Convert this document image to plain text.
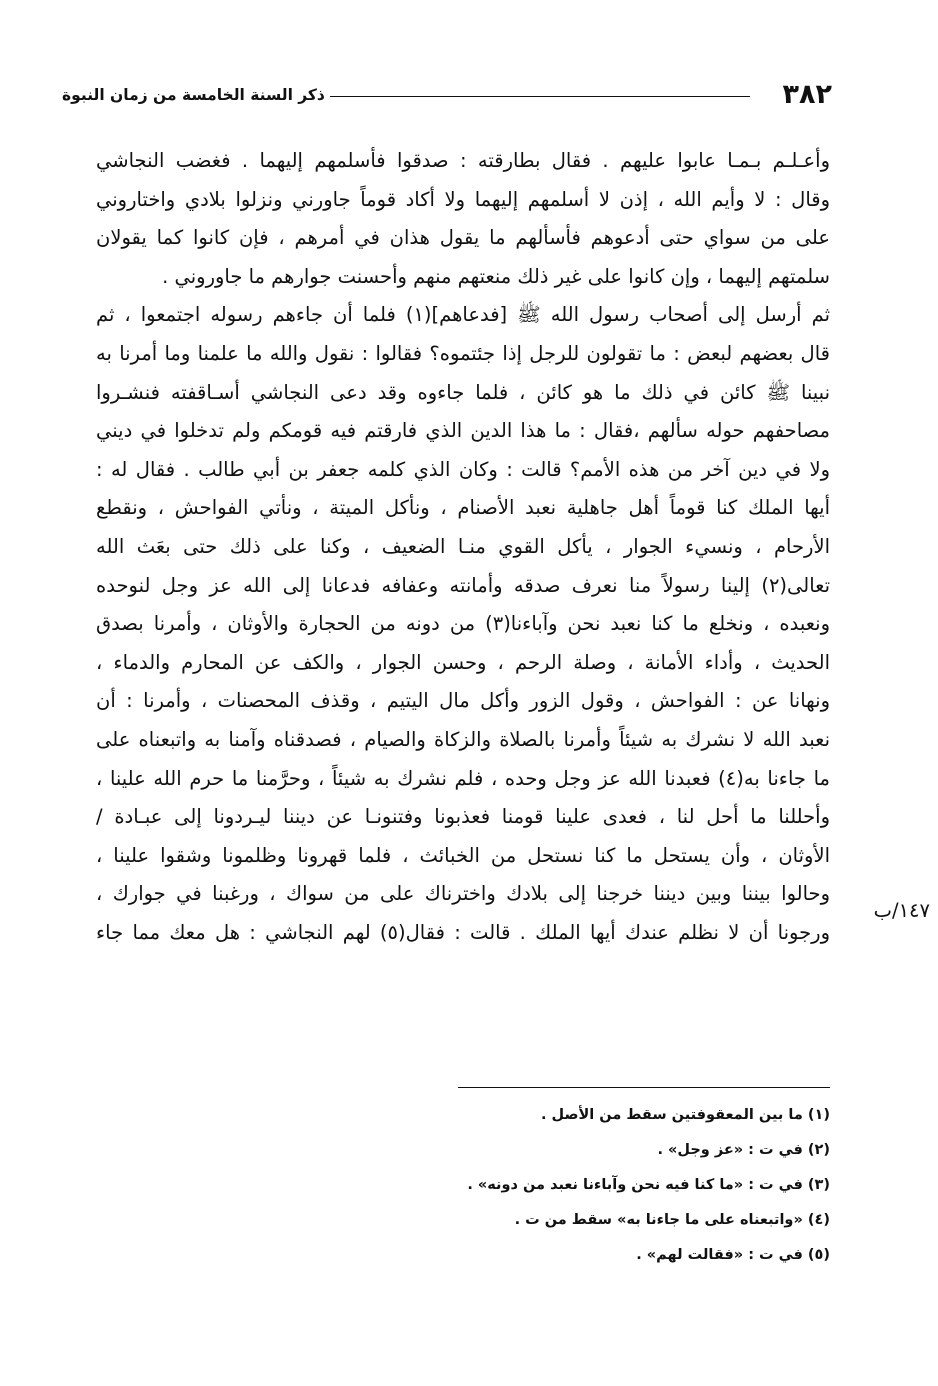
٣٨٢
ذكر السنة الخامسة من زمان النبوة
وأعـلـم بـمـا عابوا عليهم . فقال بطارقته : صدقوا فأسلمهم إليهما . فغضب النجاشي
وقال : لا وأيم الله ، إذن لا أسلمهم إليهما ولا أكاد قوماً جاورني ونزلوا بلادي واختاروني
على من سواي حتى أدعوهم فأسألهم ما يقول هذان في أمرهم ، فإن كانوا كما يقولان
سلمتهم إليهما ، وإن كانوا على غير ذلك منعتهم منهم وأحسنت جوارهم ما جاوروني .
ثم أرسل إلى أصحاب رسول الله ﷺ [فدعاهم](١) فلما أن جاءهم رسوله اجتمعوا ، ثم
قال بعضهم لبعض : ما تقولون للرجل إذا جئتموه؟ فقالوا : نقول والله ما علمنا وما أمرنا به
نبينا ﷺ كائن في ذلك ما هو كائن ، فلما جاءوه وقد دعى النجاشي أسـاقفته فنشـروا
مصاحفهم حوله سألهم ،فقال : ما هذا الدين الذي فارقتم فيه قومكم ولم تدخلوا في ديني
ولا في دين آخر من هذه الأمم؟ قالت : وكان الذي كلمه جعفر بن أبي طالب . فقال له :
أيها الملك كنا قوماً أهل جاهلية نعبد الأصنام ، ونأكل الميتة ، ونأتي الفواحش ، ونقطع
الأرحام ، ونسيء الجوار ، يأكل القوي منـا الضعيف ، وكنا على ذلك حتى بعَث الله
تعالى(٢) إلينا رسولاً منا نعرف صدقه وأمانته وعفافه فدعانا إلى الله عز وجل لنوحده
ونعبده ، ونخلع ما كنا نعبد نحن وآباءنا(٣) من دونه من الحجارة والأوثان ، وأمرنا بصدق
الحديث ، وأداء الأمانة ، وصلة الرحم ، وحسن الجوار ، والكف عن المحارم والدماء ،
ونهانا عن : الفواحش ، وقول الزور وأكل مال اليتيم ، وقذف المحصنات ، وأمرنا : أن
نعبد الله لا نشرك به شيئاً وأمرنا بالصلاة والزكاة والصيام ، فصدقناه وآمنا به واتبعناه على
ما جاءنا به(٤) فعبدنا الله عز وجل وحده ، فلم نشرك به شيئاً ، وحرَّمنا ما حرم الله علينا ،
وأحللنا ما أحل لنا ، فعدى علينا قومنا فعذبونا وفتنونـا عن ديننا ليـردونا إلى عبـادة /
الأوثان ، وأن يستحل ما كنا نستحل من الخبائث ، فلما قهرونا وظلمونا وشقوا علينا ،
وحالوا بيننا وبين ديننا خرجنا إلى بلادك واخترناك على من سواك ، ورغبنا في جوارك ،
ورجونا أن لا نظلم عندك أيها الملك . قالت : فقال(٥) لهم النجاشي : هل معك مما جاء
١٤٧/ب
(١) ما بين المعقوفتين سقط من الأصل .
(٢) في ت : «عز وجل» .
(٣) في ت : «ما كنا فيه نحن وآباءنا نعبد من دونه» .
(٤) «واتبعناه على ما جاءنا به» سقط من ت .
(٥) في ت : «فقالت لهم» .
